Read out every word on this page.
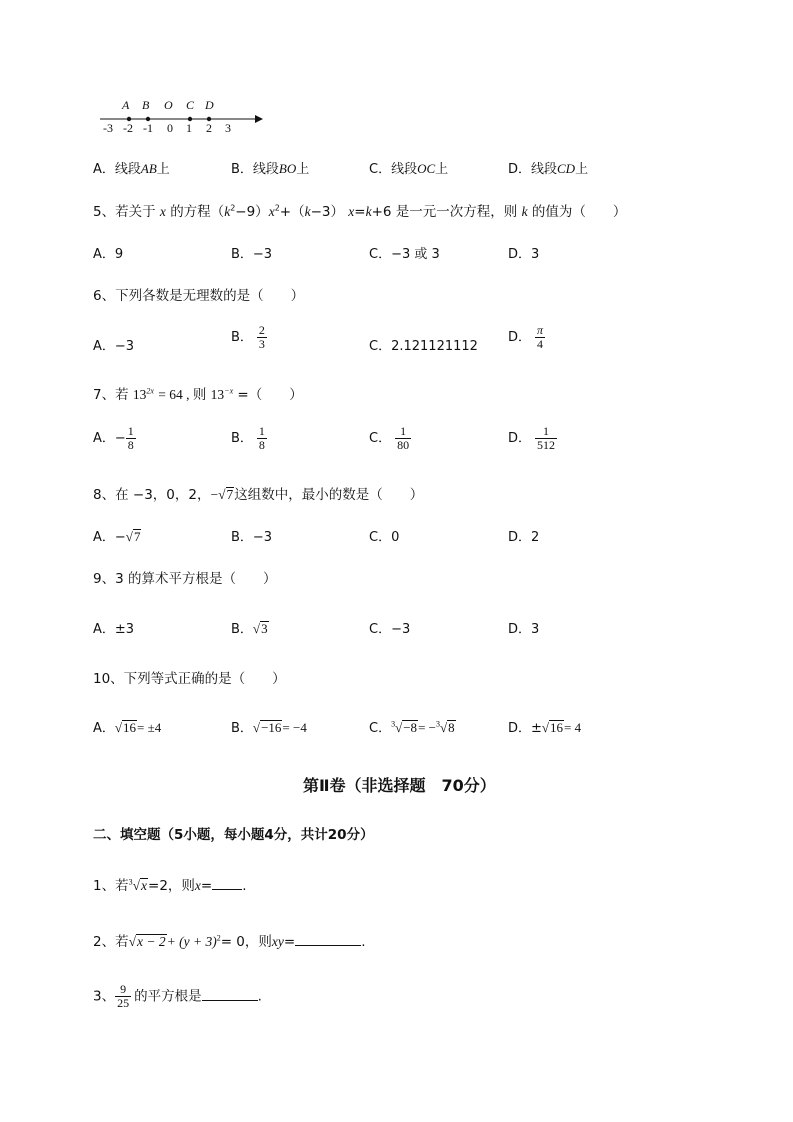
A B O C D
-3 -2 -1 0 1 2 3
A．线段AB上	B．线段BO上	C．线段OC上	D．线段CD上
5、若关于 x 的方程$(k^2-9)x^2+(k-3)$ x=k+6 是一元一次方程，则 k 的值为（　　）
A．9	B．−3	C．−3 或 3	D．3
6、下列各数是无理数的是（　　）
A．−3
B． $\frac{2}{3}$	C．2.121121112
D． $\frac{\pi}{4}$
7、若 $13^{2x} = 64$ , 则 $13^{-x}$ =（　　）
A．− $\frac{1}{8}$	B． $\frac{1}{8}$	C． $\frac{1}{80}$	D． $\frac{1}{512}$
8、在 −3，0，2，−√7这组数中，最小的数是（　　）
A．−√7	B．−3	C．0	D．2
9、3 的算术平方根是（　　）
A．±3	B．√3	C．−3	D．3
10、下列等式正确的是（　　）
A．√16= ±4	B．√−16= −4	C．$^3$√−8= −$^3$√8	D．±√16= 4
第Ⅱ卷（非选择题　70分）
二、填空题（5小题，每小题4分，共计20分）
1、若$^3$√x=2，则x= .
2、若$√x - 2+ (y + 3)^2= 0$，则xy=	.
3、 $\frac{9}{25}$ 的平方根是	.
